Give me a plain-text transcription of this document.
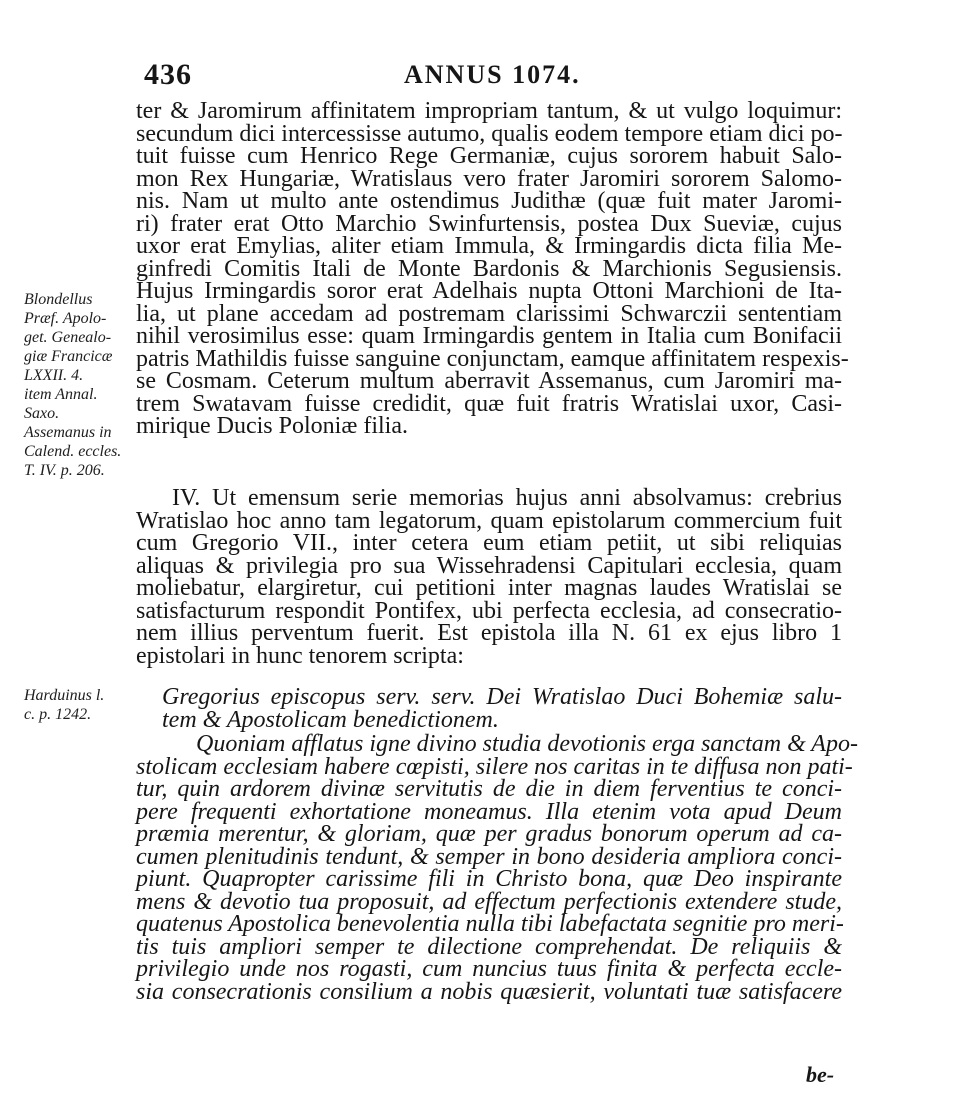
436	ANNUS 1074.
ter & Jaromirum affinitatem impropriam tantum, & ut vulgo loquimur:
secundum dici intercessisse autumo, qualis eodem tempore etiam dici po-
tuit fuisse cum Henrico Rege Germaniæ, cujus sororem habuit Salo-
mon Rex Hungariæ, Wratislaus vero frater Jaromiri sororem Salomo-
nis. Nam ut multo ante ostendimus Judithæ (quæ fuit mater Jaromi-
ri) frater erat Otto Marchio Swinfurtensis, postea Dux Sueviæ, cujus
uxor erat Emylias, aliter etiam Immula, & Irmingardis dicta filia Me-
ginfredi Comitis Itali de Monte Bardonis & Marchionis Segusiensis.
Hujus Irmingardis soror erat Adelhais nupta Ottoni Marchioni de Ita-
lia, ut plane accedam ad postremam clarissimi Schwarczii sententiam
nihil verosimilus esse: quam Irmingardis gentem in Italia cum Bonifacii
patris Mathildis fuisse sanguine conjunctam, eamque affinitatem respexis-
se Cosmam. Ceterum multum aberravit Assemanus, cum Jaromiri ma-
trem Swatavam fuisse credidit, quæ fuit fratris Wratislai uxor, Casi-
mirique Ducis Poloniæ filia.
IV. Ut emensum serie memorias hujus anni absolvamus: crebrius
Wratislao hoc anno tam legatorum, quam epistolarum commercium fuit
cum Gregorio VII., inter cetera eum etiam petiit, ut sibi reliquias
aliquas & privilegia pro sua Wissehradensi Capitulari ecclesia, quam
moliebatur, elargiretur, cui petitioni inter magnas laudes Wratislai se
satisfacturum respondit Pontifex, ubi perfecta ecclesia, ad consecratio-
nem illius perventum fuerit. Est epistola illa N. 61 ex ejus libro 1
epistolari in hunc tenorem scripta:
Gregorius episcopus serv. serv. Dei Wratislao Duci Bohemiæ salu-
tem & Apostolicam benedictionem.
Quoniam afflatus igne divino studia devotionis erga sanctam & Apo-
stolicam ecclesiam habere cœpisti, silere nos caritas in te diffusa non pati-
tur, quin ardorem divinæ servitutis de die in diem ferventius te conci-
pere frequenti exhortatione moneamus. Illa etenim vota apud Deum
præmia merentur, & gloriam, quæ per gradus bonorum operum ad ca-
cumen plenitudinis tendunt, & semper in bono desideria ampliora conci-
piunt. Quapropter carissime fili in Christo bona, quæ Deo inspirante
mens & devotio tua proposuit, ad effectum perfectionis extendere stude,
quatenus Apostolica benevolentia nulla tibi labefactata segnitie pro meri-
tis tuis ampliori semper te dilectione comprehendat. De reliquiis &
privilegio unde nos rogasti, cum nuncius tuus finita & perfecta eccle-
sia consecrationis consilium a nobis quæsierit, voluntati tuæ satisfacere
Blondellus
Præf. Apolo-
get. Genealo-
giæ Francicæ
LXXII. 4.
item Annal.
Saxo.
Assemanus in
Calend. eccles.
T. IV. p. 206.
Harduinus l.
c. p. 1242.
be-
